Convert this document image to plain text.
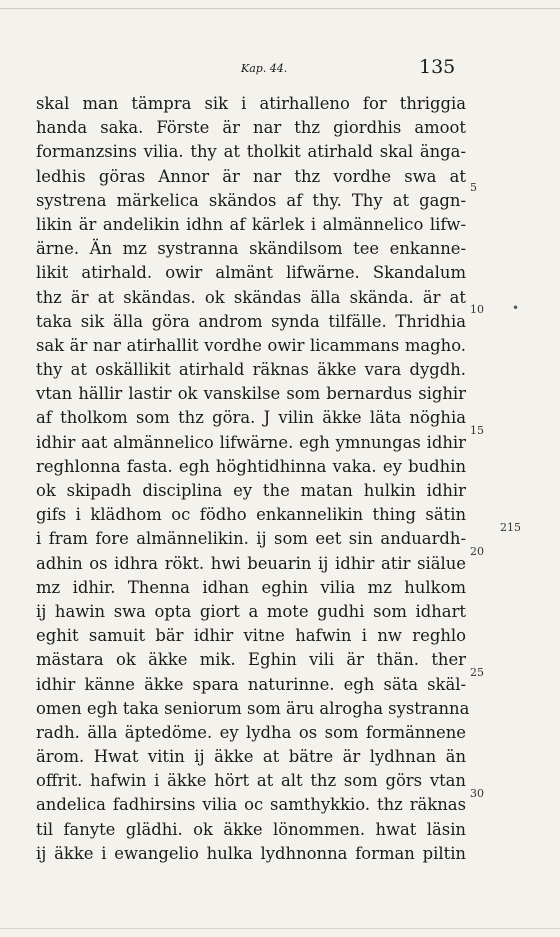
Kap. 44.	135
skal man tämpra sik i atirhalleno for thriggia
handa saka. Förste är nar thz giordhis amoot
formanzsins vilia. thy at tholkit atirhald skal änga-
ledhis göras Annor är nar thz vordhe swa at
systrena märkelica skändos af thy. Thy at gagn-
likin är andelikin idhn af kärlek i almännelico lifw-
ärne. Än mz systranna skändilsom tee enkanne-
likit atirhald. owir almänt lifwärne. Skandalum
thz är at skändas. ok skändas älla skända. är at
taka sik älla göra androm synda tilfälle. Thridhia
sak är nar atirhallit vordhe owir licammans magho.
thy at oskällikit atirhald räknas äkke vara dygdh.
vtan hällir lastir ok vanskilse som bernardus sighir
af tholkom som thz göra. J vilin äkke läta nöghia
idhir aat almännelico lifwärne. egh ymnungas idhir
reghlonna fasta. egh höghtidhinna vaka. ey budhin
ok skipadh disciplina ey the matan hulkin idhir
gifs i klädhom oc födho enkannelikin thing sätin
i fram fore almännelikin. ij som eet sin anduardh-
adhin os idhra rökt. hwi beuarin ij idhir atir siälue
mz idhir. Thenna idhan eghin vilia mz hulkom
ij hawin swa opta giort a mote gudhi som idhart
eghit samuit bär idhir vitne hafwin i nw reghlo
mästara ok äkke mik. Eghin vili är thän. ther
idhir känne äkke spara naturinne. egh säta skäl-
omen egh taka seniorum som äru alrogha systranna
radh. älla äptedöme. ey lydha os som formännene
ärom. Hwat vitin ij äkke at bätre är lydhnan än
offrit. hafwin i äkke hört at alt thz som görs vtan
andelica fadhirsins vilia oc samthykkio. thz räknas
til fanyte glädhi. ok äkke lönommen. hwat läsin
ij äkke i ewangelio hulka lydhnonna forman piltin
5
•
10
15
215
20
25
30
